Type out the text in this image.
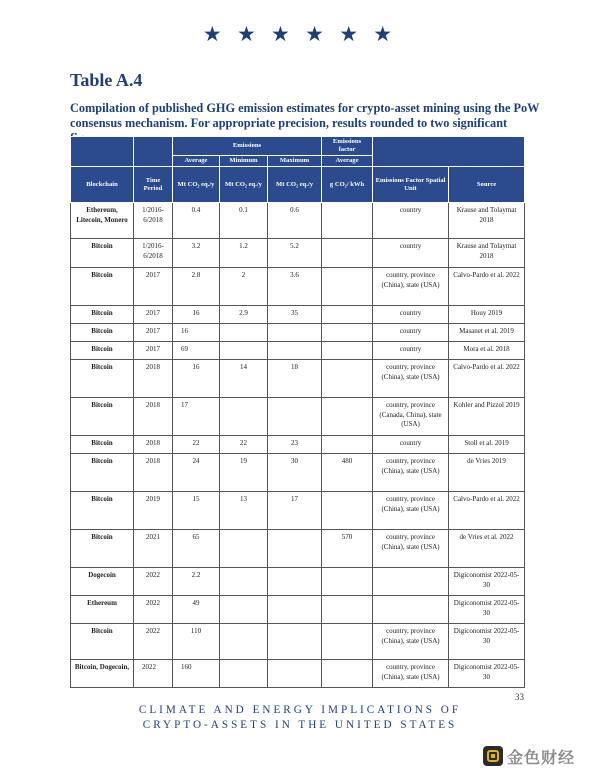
★ ★ ★ ★ ★ ★
Table A.4

Compilation of published GHG emission estimates for crypto-asset mining using the PoW consensus mechanism. For appropriate precision, results rounded to two significant

		Emissions			Emissions factor		
		Average	Minimum	Maximum	Average		
Blockchain	Time Period	Mt CO₂ eq./y	Mt CO₂ eq./y	Mt CO₂ eq./y	g CO₂/ kWh	Emissions Factor Spatial Unit	Source
Ethereum, Litecoin, Monero	1/2016-6/2018	0.4	0.1	0.6		country	Krause and Tolaymat 2018
Bitcoin	1/2016-6/2018	3.2	1.2	5.2		country	Krause and Tolaymat 2018
Bitcoin	2017	2.8	2	3.6		country, province (China), state (USA)	Calvo-Pardo et al. 2022
Bitcoin	2017	16	2.9	35		country	Houy 2019
Bitcoin	2017	16				country	Masanet et al. 2019
Bitcoin	2017	69				country	Mora et al. 2018
Bitcoin	2018	16	14	18		country, province (China), state (USA)	Calvo-Pardo et al. 2022
Bitcoin	2018	17				country, province (Canada, China), state (USA)	Kohler and Pizzol 2019
Bitcoin	2018	22	22	23		country	Stoll et al. 2019
Bitcoin	2018	24	19	30	480	country, province (China), state (USA)	de Vries 2019
Bitcoin	2019	15	13	17		country, province (China), state (USA)	Calvo-Pardo et al. 2022
Bitcoin	2021	65			570	country, province (China), state (USA)	de Vries et al. 2022
Dogecoin	2022	2.2					Digiconomist 2022-05-30
Ethereum	2022	49					Digiconomist 2022-05-30
Bitcoin	2022	110				country, province (China), state (USA)	Digiconomist 2022-05-30
Bitcoin, Dogecoin,	2022	160				country, province (China), state (USA)	Digiconomist 2022-05-30
33
CLIMATE AND ENERGY IMPLICATIONS OF
CRYPTO-ASSETS IN THE UNITED STATES
金色财经
